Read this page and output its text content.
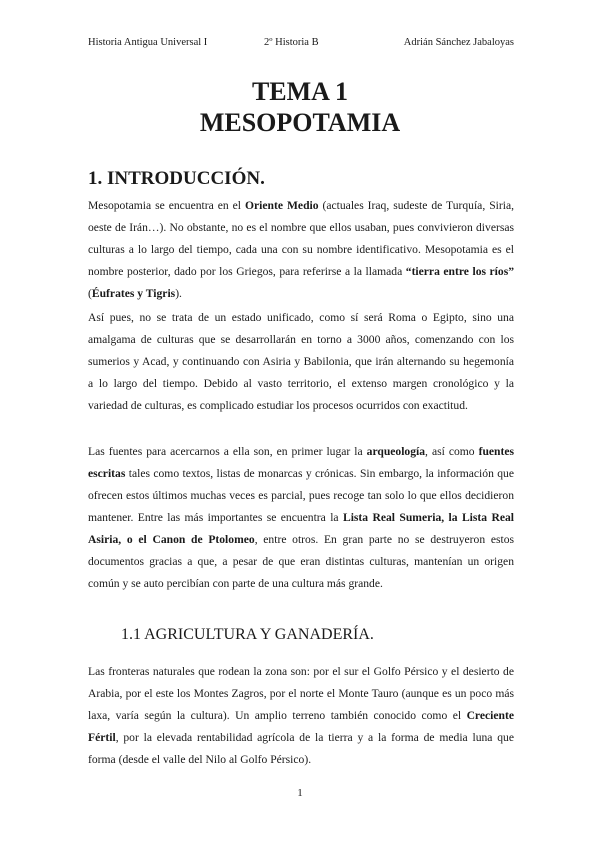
Historia Antigua Universal I	2º Historia B	Adrián Sánchez Jabaloyas
TEMA 1
MESOPOTAMIA
1. INTRODUCCIÓN.
Mesopotamia se encuentra en el Oriente Medio (actuales Iraq, sudeste de Turquía, Siria, oeste de Irán…). No obstante, no es el nombre que ellos usaban, pues convivieron diversas culturas a lo largo del tiempo, cada una con su nombre identificativo. Mesopotamia es el nombre posterior, dado por los Griegos, para referirse a la llamada “tierra entre los ríos” (Éufrates y Tigris).
Así pues, no se trata de un estado unificado, como sí será Roma o Egipto, sino una amalgama de culturas que se desarrollarán en torno a 3000 años, comenzando con los sumerios y Acad, y continuando con Asiria y Babilonia, que irán alternando su hegemonía a lo largo del tiempo. Debido al vasto territorio, el extenso margen cronológico y la variedad de culturas, es complicado estudiar los procesos ocurridos con exactitud.
Las fuentes para acercarnos a ella son, en primer lugar la arqueología, así como fuentes escritas tales como textos, listas de monarcas y crónicas. Sin embargo, la información que ofrecen estos últimos muchas veces es parcial, pues recoge tan solo lo que ellos decidieron mantener. Entre las más importantes se encuentra la Lista Real Sumeria, la Lista Real Asiria, o el Canon de Ptolomeo, entre otros. En gran parte no se destruyeron estos documentos gracias a que, a pesar de que eran distintas culturas, mantenían un origen común y se auto percibían con parte de una cultura más grande.
1.1 AGRICULTURA Y GANADERÍA.
Las fronteras naturales que rodean la zona son: por el sur el Golfo Pérsico y el desierto de Arabia, por el este los Montes Zagros, por el norte el Monte Tauro (aunque es un poco más laxa, varía según la cultura). Un amplio terreno también conocido como el Creciente Fértil, por la elevada rentabilidad agrícola de la tierra y a la forma de media luna que forma (desde el valle del Nilo al Golfo Pérsico).
1
